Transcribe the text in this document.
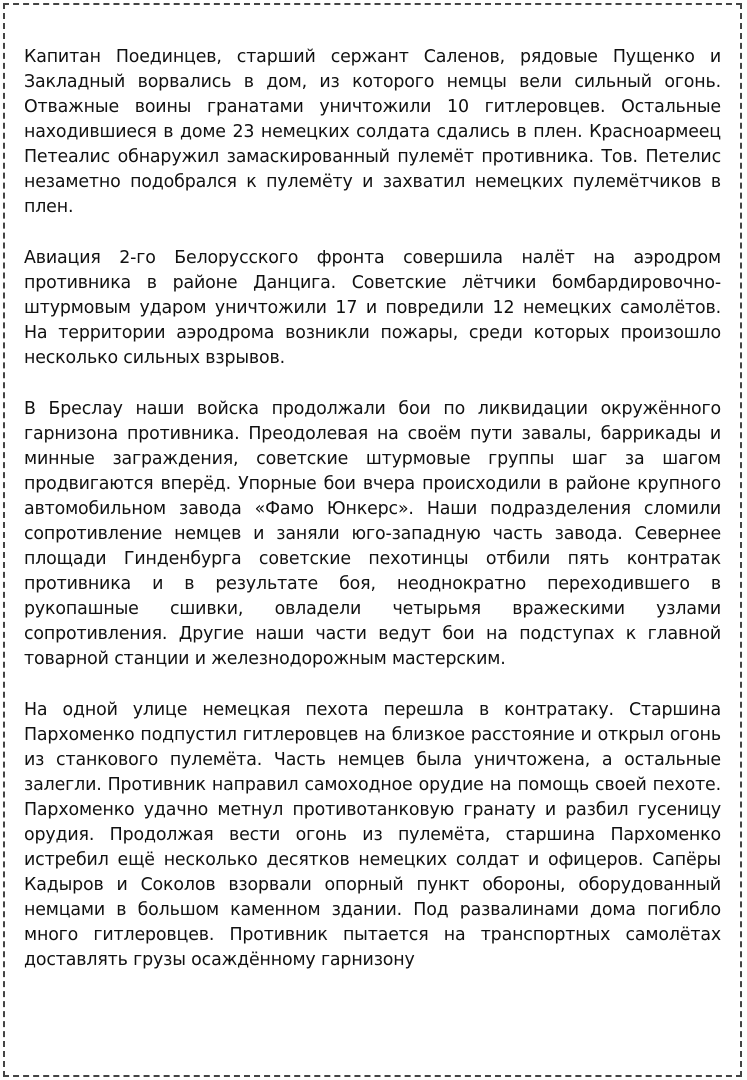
Капитан Поединцев, старший сержант Саленов, рядовые Пущенко и Закладный ворвались в дом, из которого немцы вели сильный огонь. Отважные воины гранатами уничтожили 10 гитлеровцев. Остальные находившиеся в доме 23 немецких солдата сдались в плен. Красноармеец Петеалис обнаружил замаскированный пулемёт противника. Тов. Петелис незаметно подобрался к пулемёту и захватил немецких пулемётчиков в плен.

Авиация 2-го Белорусского фронта совершила налёт на аэродром противника в районе Данцига. Советские лётчики бомбардировочно-штурмовым ударом уничтожили 17 и повредили 12 немецких самолётов. На территории аэродрома возникли пожары, среди которых произошло несколько сильных взрывов.

В Бреслау наши войска продолжали бои по ликвидации окружённого гарнизона противника. Преодолевая на своём пути завалы, баррикады и минные заграждения, советские штурмовые группы шаг за шагом продвигаются вперёд. Упорные бои вчера происходили в районе крупного автомобильном завода «Фамо Юнкерс». Наши подразделения сломили сопротивление немцев и заняли юго-западную часть завода. Севернее площади Гинденбурга советские пехотинцы отбили пять контратак противника и в результате боя, неоднократно переходившего в рукопашные сшивки, овладели четырьмя вражескими узлами сопротивления. Другие наши части ведут бои на подступах к главной товарной станции и железнодорожным мастерским.

На одной улице немецкая пехота перешла в контратаку. Старшина Пархоменко подпустил гитлеровцев на близкое расстояние и открыл огонь из станкового пулемёта. Часть немцев была уничтожена, а остальные залегли. Противник направил самоходное орудие на помощь своей пехоте. Пархоменко удачно метнул противотанковую гранату и разбил гусеницу орудия. Продолжая вести огонь из пулемёта, старшина Пархоменко истребил ещё несколько десятков немецких солдат и офицеров. Сапёры Кадыров и Соколов взорвали опорный пункт обороны, оборудованный немцами в большом каменном здании. Под развалинами дома погибло много гитлеровцев. Противник пытается на транспортных самолётах доставлять грузы осаждённому гарнизону
